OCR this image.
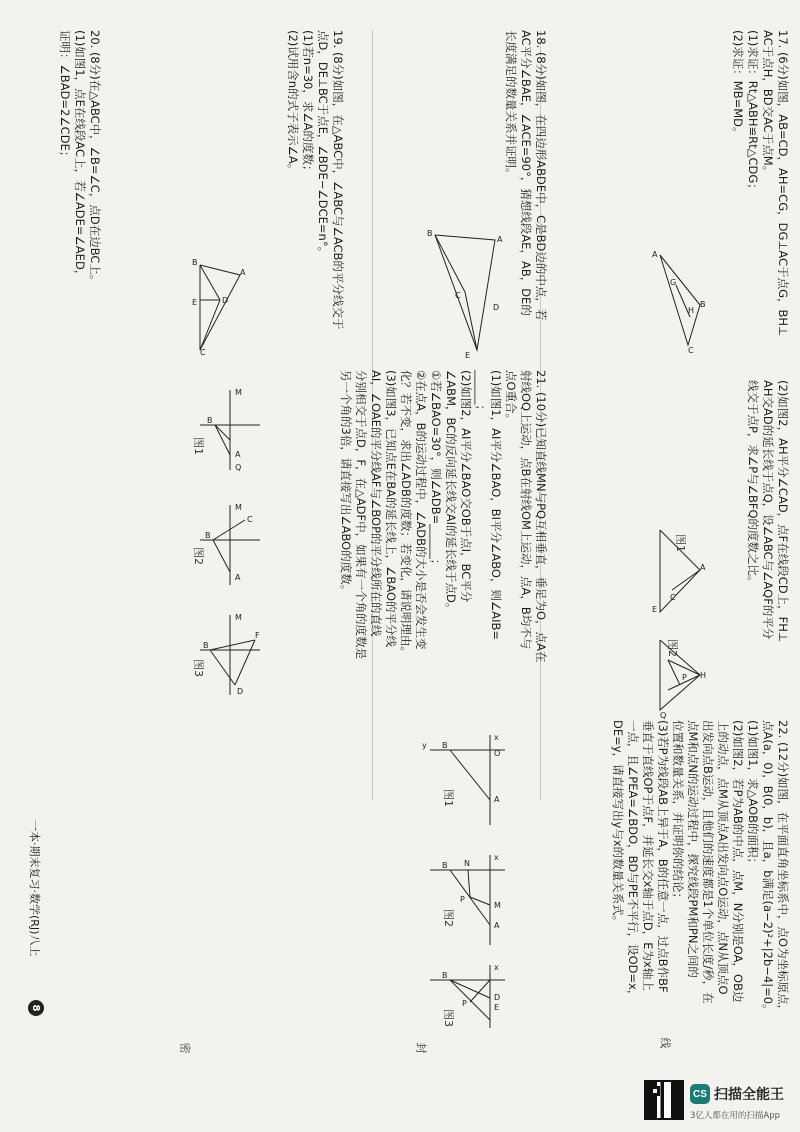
17. (6分)如图，AB=CD，AH=CG，DG⊥AC于点G，BH⊥
AC于点H，BD交AC于点M。
(1)求证：Rt△ABH≌Rt△CDG；
(2)求证：MB=MD。
A
B
C
G
H
18. (8分)如图，在四边形ABDE中，C是BD边的中点，若
AC平分∠BAE，∠ACE=90°，猜想线段AE，AB，DE的
长度满足的数量关系并证明。
B
C
E
A
D
19. (8分)如图，在△ABC中，∠ABC与∠ACB的平分线交于
点D，DE⊥BC于点E，∠BDE−∠DCE=n°。
(1)若n=30，求∠A的度数；
(2)试用含n的式子表示∠A。
B
A
D
E
C
20. (8分)在△ABC中，∠B=∠C，点D在边BC上。
(1)如图1，点E在线段AC上，若∠ADE=∠AED，
证明：∠BAD=2∠CDE；
(2)如图2，AH平分∠CAD，点F在线段CD上，FH⊥
AH交AD的延长线于点Q，设∠ABC与∠AQF的平分
线交于点P，求∠P与∠BFQ的度数之比。
A
E
C
图1
Q
P H
图2
21. (10分)已知直线MN与PQ互相垂直，垂足为O，点A在
射线OQ上运动，点B在射线OM上运动，点A，B均不与
点O重合。
(1)如图1，AI平分∠BAO，BI平分∠ABO，则∠AIB=
______；
(2)如图2，AI平分∠BAO交OB于点I，BC平分
∠ABM，BC的反向延长线交AI的延长线于点D。
①若∠BAO=30°，则∠ADB=______；
②在点A，B的运动过程中，∠ADB的大小是否会发生变
化？若不变，求出∠ADB的度数；若变化，请说明理由。
(3)如图3，已知点E在BA的延长线上，∠BAO的平分线
AI，∠OAE的平分线AF与∠BOP的平分线所在的直线
分别相交于点D，F，在△ADF中，如果有一个角的度数是
另一个角的3倍，请直接写出∠ABO的度数。
M
Q
B
A
M
C
B
A
M
F
B
D
图1
图2
图3
22. (12分)如图，在平面直角坐标系中，点O为坐标原点，
点A(a，0)，B(0，b)，且a，b满足(a−2)²+|2b−4|=0。
(1)如图1，求△AOB的面积；
(2)如图2，若P为AB的中点，点M，N分别是OA，OB边
上的动点，点M从顶点A出发向点O运动，点N从顶点O
出发向点B运动，且他们的速度都是1个单位长度/秒，在
点M和点N的运动过程中，探究线段PM和PN之间的
位置和数量关系，并证明你的结论；
(3)若P为线段AB上异于A，B的任意一点，过点B作BF
垂直于直线OP于点F，并延长交x轴于点D，E为x轴上
一点，且∠PEA=∠BDO，BD与PE不平行，设OD=x，
DE=y，请直接写出y与x的数量关系式。
x
A
B
y
O
x
A
B
P
M
N
x
B
P
D
E
图1
图2
图3
线
封
密
一本·期末复习·数学(RJ)八上
8
CS 扫描全能王
3亿人都在用的扫描App
